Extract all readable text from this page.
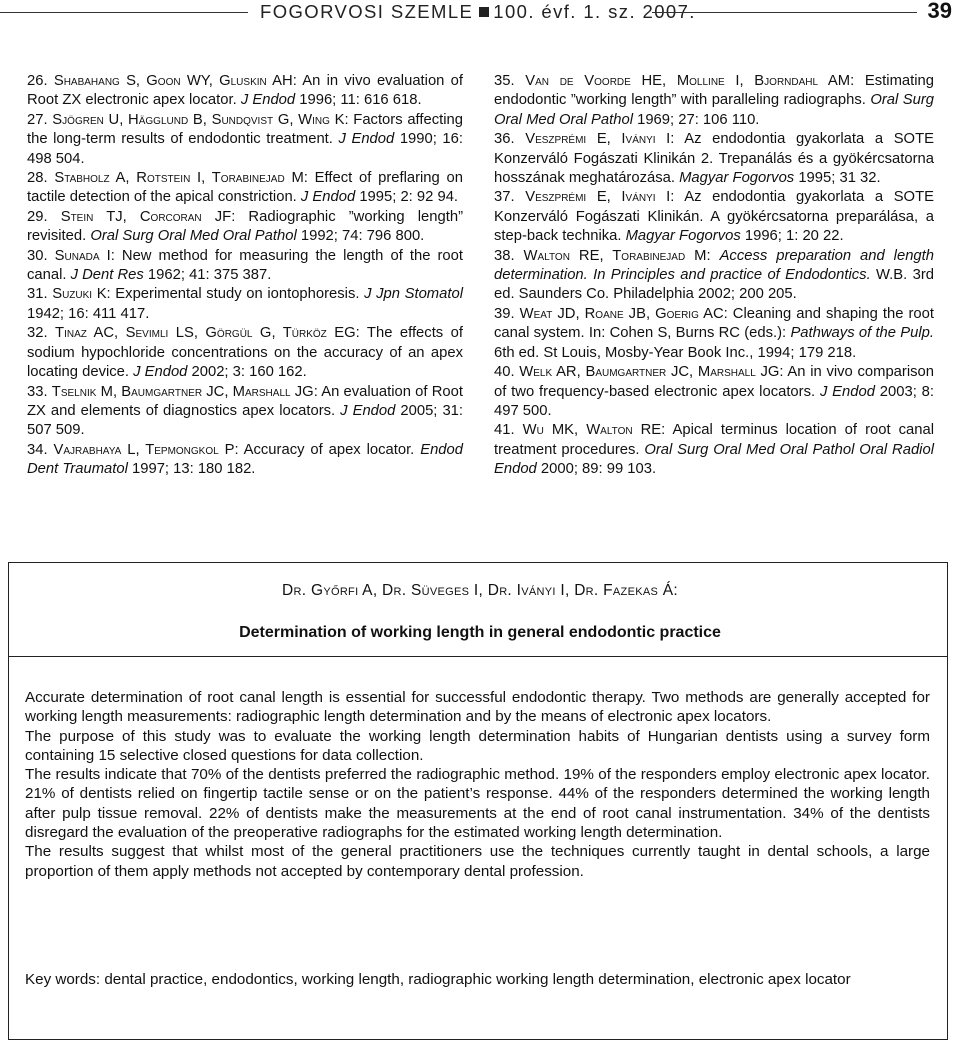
FOGORVOSI SZEMLE 100. évf. 1. sz. 2007.	39

26. Shabahang S, Goon WY, Gluskin AH: An in vivo evaluation of Root ZX electronic apex locator. J Endod 1996; 11: 616 618.

27. Sjögren U, Hägglund B, Sundqvist G, Wing K: Factors affecting the long-term results of endodontic treatment. J Endod 1990; 16: 498 504.

28. Stabholz A, Rotstein I, Torabinejad M: Effect of preflaring on tactile detection of the apical constriction. J Endod 1995; 2: 92 94.

29. Stein TJ, Corcoran JF: Radiographic ”working length” revisited. Oral Surg Oral Med Oral Pathol 1992; 74: 796 800.

30. Sunada I: New method for measuring the length of the root canal. J Dent Res 1962; 41: 375 387.

31. Suzuki K: Experimental study on iontophoresis. J Jpn Stomatol 1942; 16: 411 417.

32. Tinaz AC, Sevimli LS, Görgül G, Türköz EG: The effects of sodium hypochloride concentrations on the accuracy of an apex locating device. J Endod 2002; 3: 160 162.

33. Tselnik M, Baumgartner JC, Marshall JG: An evaluation of Root ZX and elements of diagnostics apex locators. J Endod 2005; 31: 507 509.

34. Vajrabhaya L, Tepmongkol P: Accuracy of apex locator. Endod Dent Traumatol 1997; 13: 180 182.

35. Van de Voorde HE, Molline I, Bjorndahl AM: Estimating endodontic ”working length” with paralleling radiographs. Oral Surg Oral Med Oral Pathol 1969; 27: 106 110.

36. Veszprémi E, Iványi I: Az endodontia gyakorlata a SOTE Konzerváló Fogászati Klinikán 2. Trepanálás és a gyökércsatorna hosszának meghatározása. Magyar Fogorvos 1995; 31 32.

37. Veszprémi E, Iványi I: Az endodontia gyakorlata a SOTE Konzerváló Fogászati Klinikán. A gyökércsatorna preparálása, a step-back technika. Magyar Fogorvos 1996; 1: 20 22.

38. Walton RE, Torabinejad M: Access preparation and length determination. In Principles and practice of Endodontics. W.B. 3rd ed. Saunders Co. Philadelphia 2002; 200 205.

39. Weat JD, Roane JB, Goerig AC: Cleaning and shaping the root canal system. In: Cohen S, Burns RC (eds.): Pathways of the Pulp. 6th ed. St Louis, Mosby-Year Book Inc., 1994; 179 218.

40. Welk AR, Baumgartner JC, Marshall JG: An in vivo comparison of two frequency-based electronic apex locators. J Endod 2003; 8: 497 500.

41. Wu MK, Walton RE: Apical terminus location of root canal treatment procedures. Oral Surg Oral Med Oral Pathol Oral Radiol Endod 2000; 89: 99 103.

Dr. Győrfi A, Dr. Süveges I, Dr. Iványi I, Dr. Fazekas Á:
Determination of working length in general endodontic practice

Accurate determination of root canal length is essential for successful endodontic therapy. Two methods are generally accepted for working length measurements: radiographic length determination and by the means of electronic apex locators.

The purpose of this study was to evaluate the working length determination habits of Hungarian dentists using a survey form containing 15 selective closed questions for data collection.

The results indicate that 70% of the dentists preferred the radiographic method. 19% of the responders employ electronic apex locator. 21% of dentists relied on fingertip tactile sense or on the patient’s response. 44% of the responders determined the working length after pulp tissue removal. 22% of dentists make the measurements at the end of root canal instrumentation. 34% of the dentists disregard the evaluation of the preoperative radiographs for the estimated working length determination.

The results suggest that whilst most of the general practitioners use the techniques currently taught in dental schools, a large proportion of them apply methods not accepted by contemporary dental profession.

Key words: dental practice, endodontics, working length, radiographic working length determination, electronic apex locator
